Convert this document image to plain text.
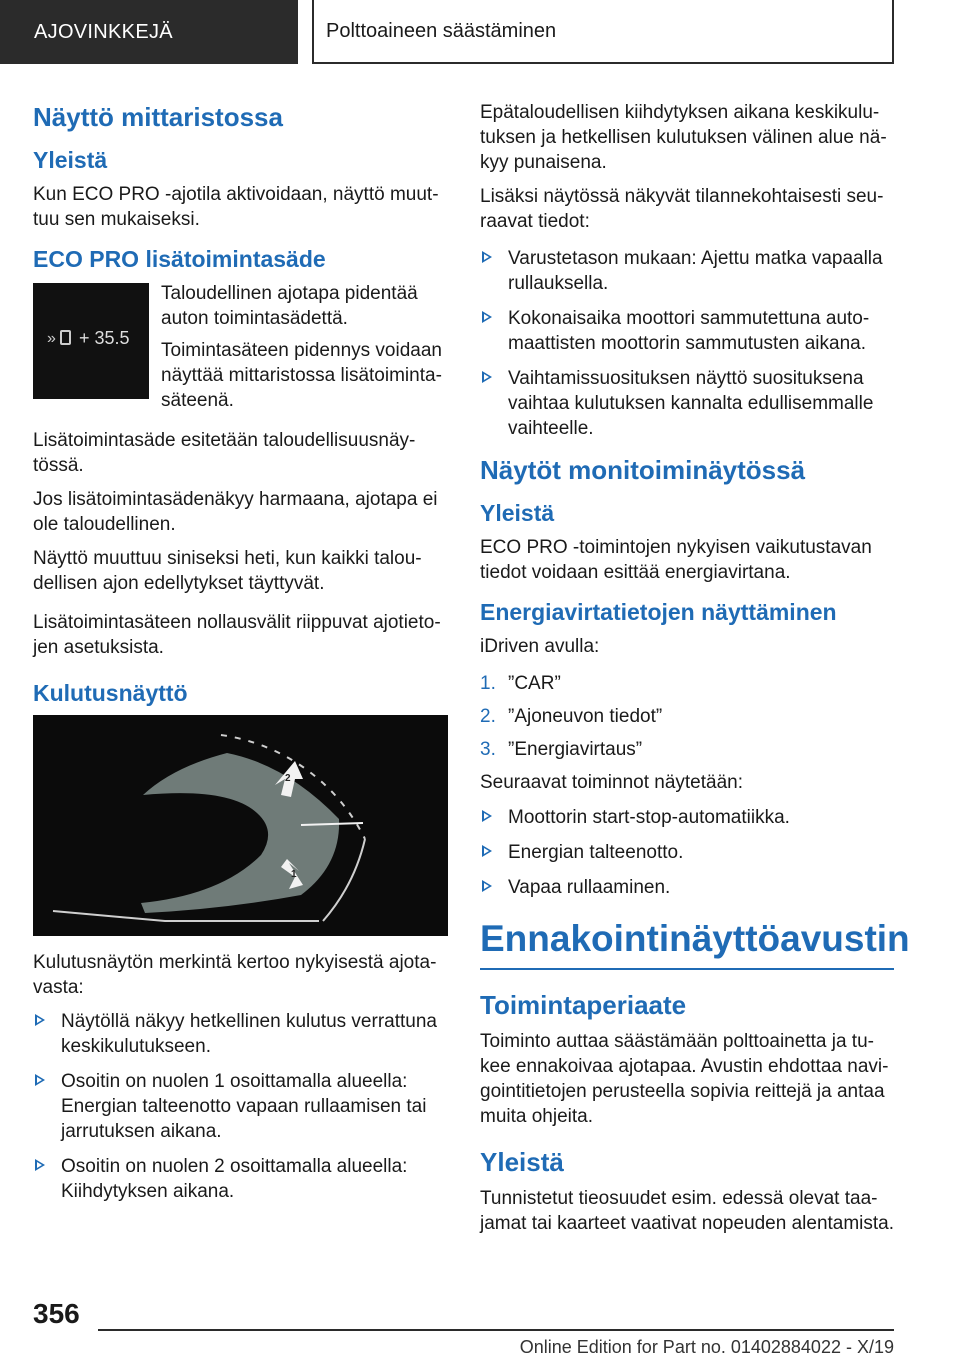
AJOVINKKEJÄ	Polttoaineen säästäminen
Näyttö mittaristossa
Yleistä

Kun ECO PRO -ajotila aktivoidaan, näyttö muuttuu sen mukaiseksi.

ECO PRO lisätoimintasäde
» + 35.5

Taloudellinen ajotapa pidentää auton toimintasädettä.

Toimintasäteen pidennys voidaan näyttää mittaristossa lisätoimintasäteenä.

Lisätoimintasäde esitetään taloudellisuusnäytössä.

Jos lisätoimintasädenäkyy harmaana, ajotapa ei ole taloudellinen.

Näyttö muuttuu siniseksi heti, kun kaikki taloudellisen ajon edellytykset täyttyvät.

Lisätoimintasäteen nollausvälit riippuvat ajotietojen asetuksista.

Kulutusnäyttö
2
1

Kulutusnäytön merkintä kertoo nykyisestä ajotavasta:

Näytöllä näkyy hetkellinen kulutus verrattuna keskikulutukseen.
Osoitin on nuolen 1 osoittamalla alueella: Energian talteenotto vapaan rullaamisen tai jarrutuksen aikana.
Osoitin on nuolen 2 osoittamalla alueella: Kiihdytyksen aikana.

Epätaloudellisen kiihdytyksen aikana keskikulutuksen ja hetkellisen kulutuksen välinen alue näkyy punaisena.

Lisäksi näytössä näkyvät tilannekohtaisesti seuraavat tiedot:

Varustetason mukaan: Ajettu matka vapaalla rullauksella.
Kokonaisaika moottori sammutettuna automaattisten moottorin sammutusten aikana.
Vaihtamissuosituksen näyttö suosituksena vaihtaa kulutuksen kannalta edullisemmalle vaihteelle.
Näytöt monitoiminäytössä
Yleistä

ECO PRO -toimintojen nykyisen vaikutustavan tiedot voidaan esittää energiavirtana.

Energiavirtatietojen näyttäminen

iDriven avulla:

1. ”CAR”
2. ”Ajoneuvon tiedot”
3. ”Energiavirtaus”

Seuraavat toiminnot näytetään:

Moottorin start-stop-automatiikka.
Energian talteenotto.
Vapaa rullaaminen.
Ennakointinäyttöavustin
Toimintaperiaate

Toiminto auttaa säästämään polttoainetta ja tukee ennakoivaa ajotapaa. Avustin ehdottaa navigointitietojen perusteella sopivia reittejä ja antaa muita ohjeita.

Yleistä

Tunnistetut tieosuudet esim. edessä olevat taajamat tai kaarteet vaativat nopeuden alentamista.

356
Online Edition for Part no. 01402884022 - X/19
